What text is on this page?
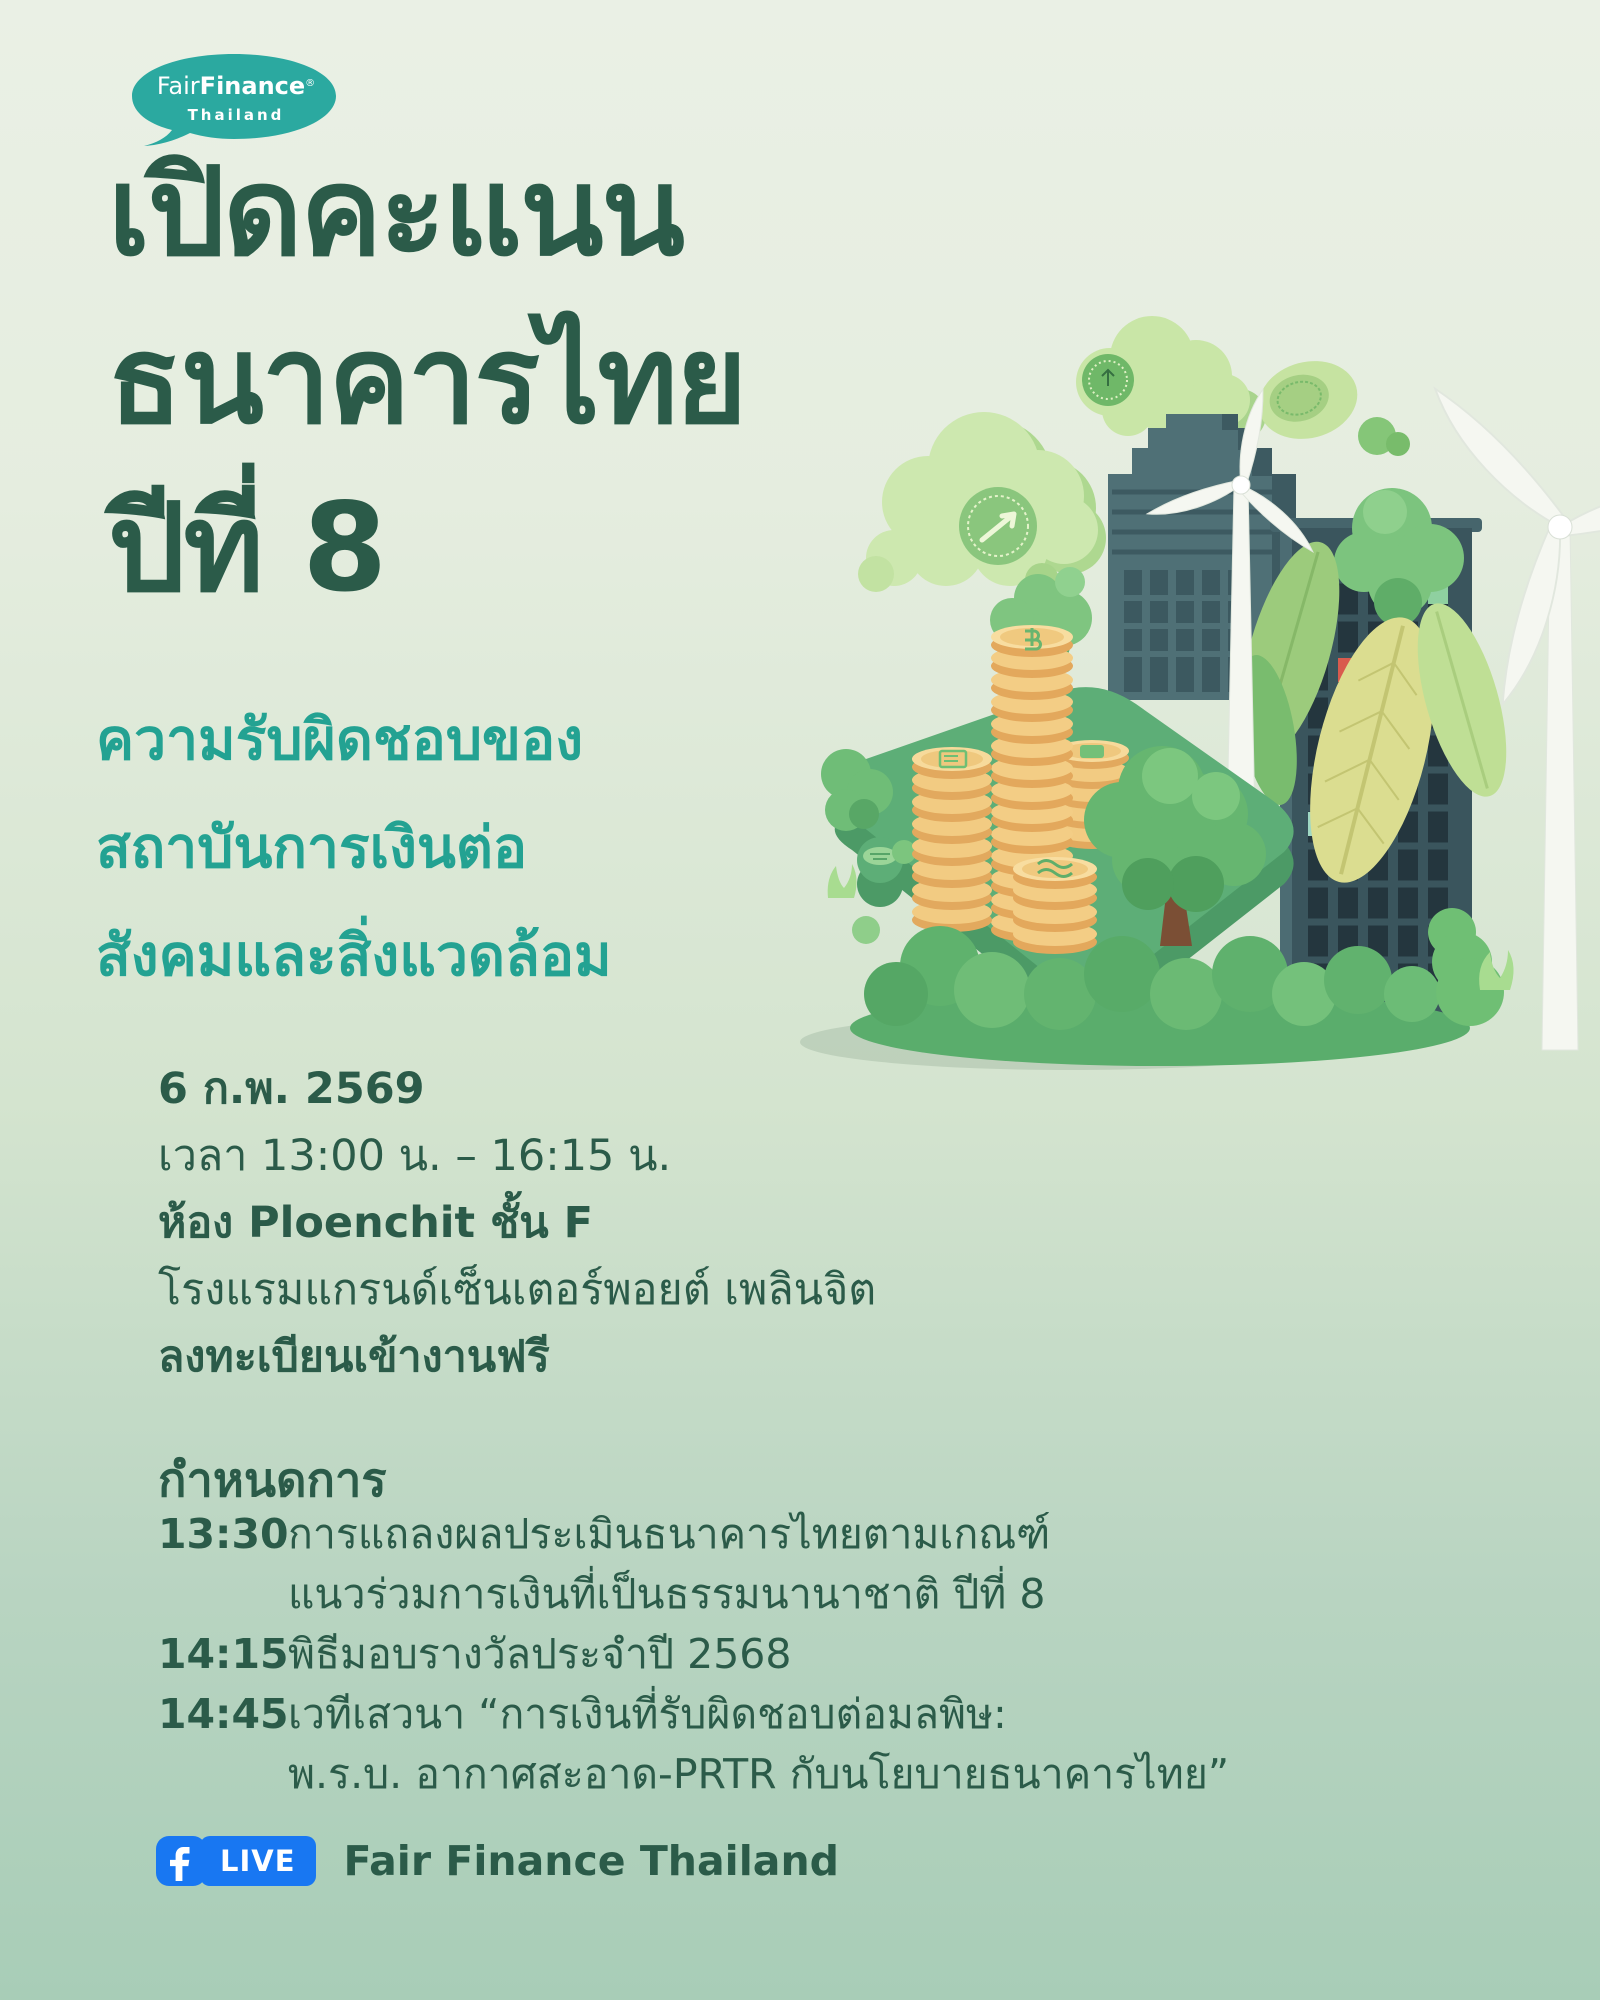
FairFinance®
Thailand
เปิดคะแนน
ธนาคารไทย
ปีที่ 8
ความรับผิดชอบของ
สถาบันการเงินต่อ
สังคมและสิ่งแวดล้อม
6 ก.พ. 2569
เวลา 13:00 น. – 16:15 น.
ห้อง Ploenchit ชั้น F
โรงแรมแกรนด์เซ็นเตอร์พอยต์ เพลินจิต
ลงทะเบียนเข้างานฟรี
กำหนดการ
13:30 การแถลงผลประเมินธนาคารไทยตามเกณฑ์
แนวร่วมการเงินที่เป็นธรรมนานาชาติ ปีที่ 8
14:15 พิธีมอบรางวัลประจำปี 2568
14:45 เวทีเสวนา “การเงินที่รับผิดชอบต่อมลพิษ:
พ.ร.บ. อากาศสะอาด-PRTR กับนโยบายธนาคารไทย”
LIVE	Fair Finance Thailand
